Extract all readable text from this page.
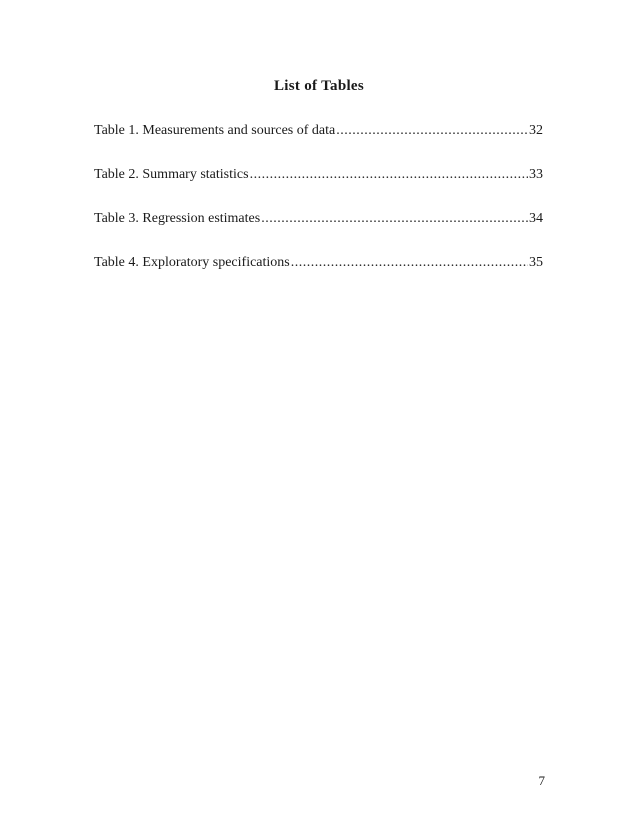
List of Tables
Table 1. Measurements and sources of data .....	32
Table 2. Summary statistics .....	33
Table 3. Regression estimates .....	34
Table 4. Exploratory specifications .....	35
7
